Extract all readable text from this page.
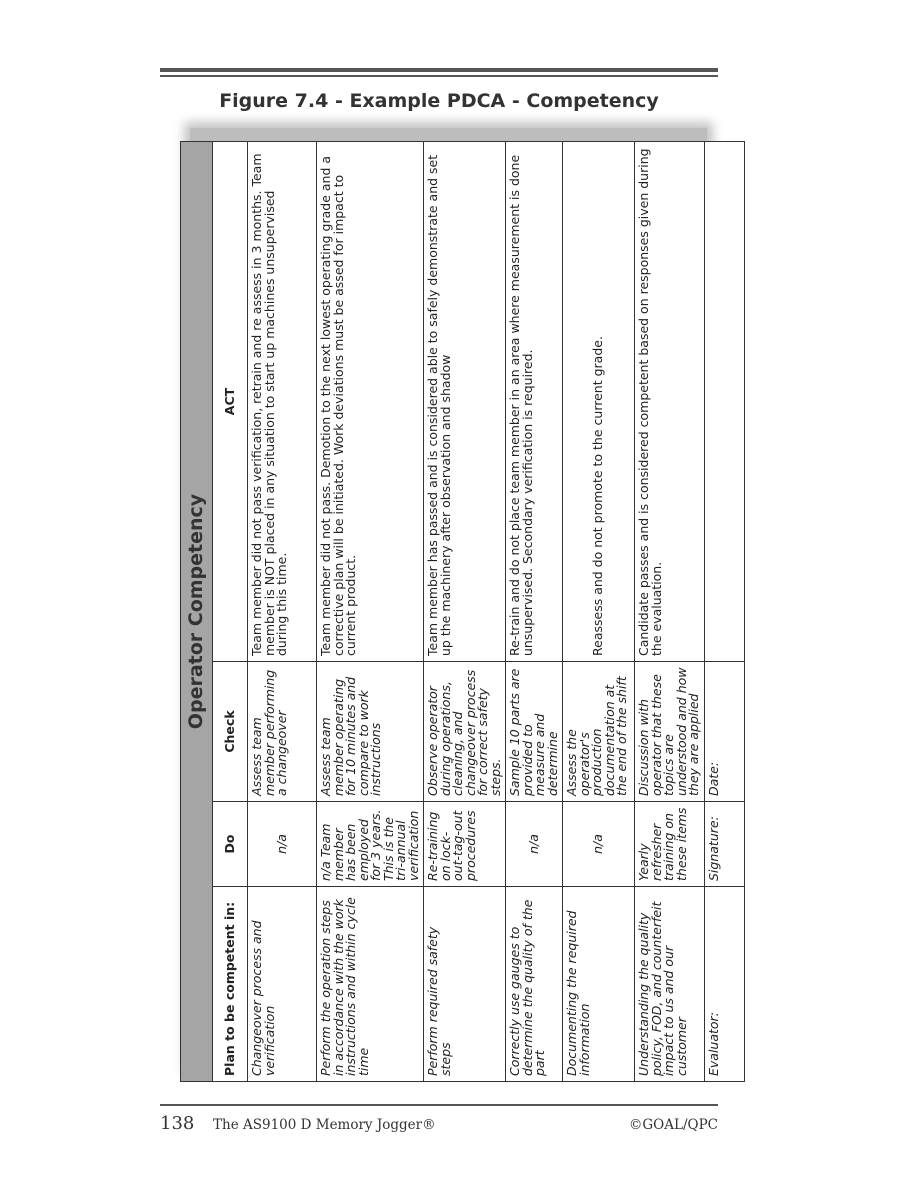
Figure 7.4 - Example PDCA - Competency
Operator Competency			
Plan to be competent in:	Do	Check	ACT
Changeover process and verification	n/a	Assess team member performing a changeover	Team member did not pass verification, retrain and re assess in 3 months. Team member is NOT placed in any situation to start up machines unsupervised during this time.
Perform the operation steps in accordance with the work instructions and within cycle time	n/a Team member has been employed for 3 years. This is the tri-annual verification	Assess team member operating for 10 minutes and compare to work instructions	Team member did not pass. Demotion to the next lowest operating grade and a corrective plan will be initiated. Work deviations must be assed for impact to current product.
Perform required safety steps	Re-training on lock-out-tag-out procedures	Observe operator during operations, cleaning, and changeover process for correct safety steps.	Team member has passed and is considered able to safely demonstrate and set up the machinery after observation and shadow
Correctly use gauges to determine the quality of the part	n/a	Sample 10 parts are provided to measure and determine	Re-train and do not place team member in an area where measurement is done unsupervised. Secondary verification is required.
Documenting the required information	n/a	Assess the operator's production documentation at the end of the shift	Reassess and do not promote to the current grade.
Understanding the quality policy, FOD, and counterfeit impact to us and our customer	Yearly refresher training on these items	Discussion with operator that these topics are understood and how they are applied	Candidate passes and is considered competent based on responses given during the evaluation.
Evaluator:	Signature:	Date:	
138 The AS9100 D Memory Jogger®	©GOAL/QPC
